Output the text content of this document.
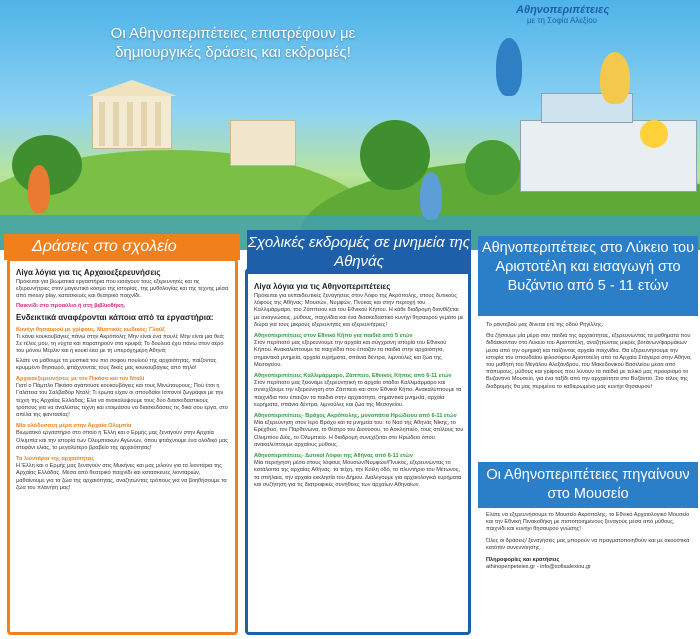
Οι Αθηνοπεριπέτειες επιστρέφουν με δημιουργικές δράσεις και εκδρομές!
Αθηνοπεριπέτειες
με τη Σοφία Αλεξίου
Δράσεις στο σχολείο
Λίγα λόγια για τις Αρχαιοεξερευνήσεις

Πρόκειται για βιωματικά εργαστήρια που εισάγουν τους εξερευνητές και τις εξερευνήτριες στον μαγευτικό κόσμο της ιστορίας, της μυθολογίας και της τέχνης μέσα από messy play, κατασκευές και θεατρικό παιχνίδι.

Παικνίδι στο προαύλιο ή στη βιβλιοθήκη.

Ενδεικτικά αναφέρονται κάποια από τα εργαστήρια:
Κυνήγι θησαυρού με γρίφους. Μυστικός κωδικός: Γλαύξ

Τι κάνει κουκουβάγιες πάνω στην Ακρόπολη; Μην είναι ένα πουλί; Μην είναι μια θεά; Σε τέλος μου, τη νύχτα και παρατηρούν στα κρυφά; Το δουλειά έχει πάνω στον αέρο του μόνου Μέρλιν και η κουκί έκει με τη υπερόχημέρη Αθηνά;

Ελάτε να μάθουμε τα μυστικά του πιο σοφού πουλιού της αρχαιότητας, παίζοντας κρυμμένο θησαυρό, φτιάχνοντας τους δικές μας κουκουβάγιες από πηλό!

Αρχαιοεξερευνήσεις με τον Πικάσο και τον Νταλί

Γιατί ο Πάμπλο Πικάσο αγαπούσε κουκουβάγιες και τους Μινώταυρους; Πού έτσι η Γαλάτεια του Σαλβαδόρ Νταλί; Τι έρωτα είχαν οι σπουδαίοι Ισπανοί ζωγράφοι με την τέχνη της Αρχαίας Ελλάδας; Ελα να ανακαλύψουμε τους δύο διασκεδαστικούς τρόπους για να αναλύσεις τέχνη και ετοιμάσου να διασκεδάσεις τις δικά σου έργα, στο απέλα της φαντασίας!

Μία ολόδυσσεη μέρα στην Αρχαία Ολυμπία

Βιωματικό εργαστήριο στο οποίο η Έλλη και ο Ερμής μας ξεναγούν στην Αρχαία Ολυμπία και την ιστορία των Ολυμπιακών Αγώνων, όπου φτιάχνουμε ένα ολόδικό μας στεφάνι ελιάς, το μεγαλύτερο βραβείο της αρχαιότητας!

Τα λιοντάρια της αρχαιότητας

Η Έλλη και ο Ερμής μας ξεναγούν στις Μυκήνες και μας μιλούν για τα λιοντάρια της Αρχαίας Ελλάδας. Μέσα από θεατρικό παιχνίδι και κατασκευές λιονταριών, μαθαίνουμε για τα ζώα της αρχαιότητας, αναζητώντας τρόπους για να βοηθήσουμε τα ζώα του πλανήτη μας!

Σχολικές εκδρομές σε μνημεία της Αθηνάς
Λίγα λόγια για τις Αθηνοπεριπέτειες

Πρόκειται για εκπαιδευτικές ξεναγήσεις στον Λόφο της Ακρόπολης, στους δυτικούς λόφους της Αθήνας: Μουσών, Νυμφών, Πνύκας και στην περιοχή του Καλλιμάρμαρο, του Ζάππειου και του Εθνικού Κήπου. Η κάθε διαδρομή διανθίζεται με αναγνώσεις, μύθους, παιχνίδια και ένα διασκεδαστικό κυνήγι θησαυρού γεμάτο με δώρα για τους μικρούς εξερευνητές και εξερευνήτριες!

Αθηνοπεριπέτειες στον Εθνικό Κήπο για παιδιά από 5 ετών

Στον περίπατό μας εξερευνούμε την αρχαία και σύγχρονη ιστορία του Εθνικού Κήπου. Ανακαλύπτουμε τα παιχνίδια που έπαιζαν τα παιδιά στην αρχαιότητα, σημαντικά μνημεία, αρχαία ευρήματα, σπάνια δέντρα, λιμνούλες και ζώα της Μεσογείου.

Αθηνοπεριπέτειες Καλλιμάρμαρο, Ζάππειο, Εθνικός Κήπος από 6-11 ετών

Στον περίπατο μας ξεκινάμε εξερευνητική το αρχαίο στάδιο Καλλιμάρμαρο και συνεχίζουμε την εξερεύνηση στο Ζάππειο και στον Εθνικό Κήπο. Ανακαλύπτουμε τα παιχνίδια που έπαιζαν τα παιδιά στην αρχαιότητα, σημαντικά μνημεία, αρχαία ευρήματα, σπάνια δέντρα, λιμνούλες και ζώα της Μεσογείου.

Αθηνοπεριπέτειες- Βράχος Ακρόπολης, μονοπάτια Ηρώδειου από 6-11 ετών

Μία εξερεύνηση στον Ιερό Βράχο και τα μνημεία του: το Ναό της Αθηνάς Νίκης, το Ερέχθειο, τον Παρθενώνα, το θέατρο του Διονύσου, το Ασκληπιείο, τους στύλους του Ολυμπίου Διός, το Ολυμπιείο. Η διαδρομή συνεχίζεται στο Ηρώδειο όπου ανακαλύπτουμε αρχαίους μύθους.

Αθηνοπεριπέτειες- Δυτικοί Λόφοι της Αθήνας από 6-11 ετών

Μία περιήγηση μέσα στους λόφους Μουσών/Νυμφών/Πνυκός, εξερευνώντας το κατάλοιπα της αρχαίας Αθήνας: τα τείχη, την Κοίλη οδό, το πλυντήριο του Μέτωνος, τα σπήλαια, την αρχαία εκκλησία του Δήμου. Διαλέγουμε για αρχαιολογικά ευρήματα και συζήτηση για τις διατροφικές συνήθειες των αρχαίων Αθηναίων.

Αθηνοπεριπέτειες στο Λύκειο του Αριστοτέλη και εισαγωγή στο Βυζάντιο από 5 - 11 ετών

Το ραντεβού μας δίνεται επί της οδού Ρηγίλλης.

Θα ζήσουμε μία μέρα σαν παιδιά της αρχαιότητας, εξερευνώντας τα μαθήματα που διδάσκονταν στο Λύκειο του Αριστοτέλη, αναζητώντας μικρές βοτάνων/φαρμάκων μέσα από την ομηρική και παίζοντας αρχαία παιχνίδια. Θα εξερευνήσουμε την ιστορία του σπουδαίου φιλοσόφου Αριστοτέλη από τα Αρχαία Στάγειρα στην Αθήνα, του μαθητή του Μεγάλου Αλεξάνδρου, του Μακεδονικού Βασιλείου μέσα από πάπυρους, μύθους και γρίφους που λύνουν τα παιδιά με τελικό μας προορισμό το Βυζαντινό Μουσείο, για ένα ταξίδι από την αρχαιότητα στο Βυζάντιο. Στο τέλος της διαδρομής θα μας περιμένει το καθιερωμένο μας κυνήγι θησαυρού!

Οι Αθηνοπεριπέτειες πηγαίνουν στο Μουσείο

Ελάτε να εξερευνήσουμε το Μουσείο Ακρόπολης, το Εθνικό Αρχαιολογικό Μουσείο και την Εθνική Πινακοθήκη με πιστοποιημένους ξεναγούς μέσα από μύθους, παιχνίδι και κυνήγι θησαυρού γνώσης!

Όλες οι δράσεις/ ξεναγήσεις μας μπορούν να πραγματοποιηθούν και με ακουστικά κατόπιν συνεννόησης.

Πληροφορίες και κρατήσεις

athinoperipeteies.gr - info@sofiaalexiou.gr
